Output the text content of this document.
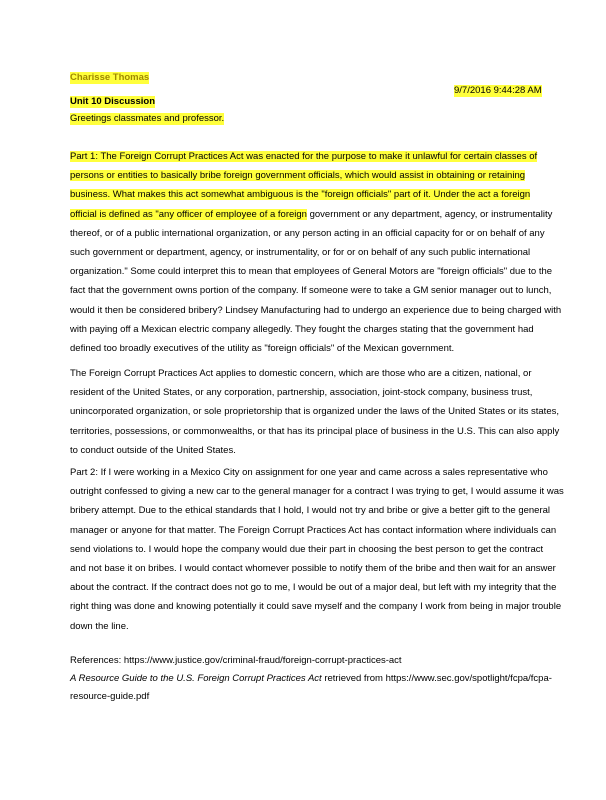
Charisse Thomas
9/7/2016 9:44:28 AM
Unit 10 Discussion
Greetings classmates and professor.
Part 1: The Foreign Corrupt Practices Act was enacted for the purpose to make it unlawful for certain classes of
persons or entities to basically bribe foreign government officials, which would assist in obtaining or retaining
business. What makes this act somewhat ambiguous is the "foreign officials" part of it. Under the act a foreign
official is defined as "any officer of employee of a foreign government or any department, agency, or instrumentality
thereof, or of a public international organization, or any person acting in an official capacity for or on behalf of any
such government or department, agency, or instrumentality, or for or on behalf of any such public international
organization." Some could interpret this to mean that employees of General Motors are "foreign officials" due to the
fact that the government owns portion of the company. If someone were to take a GM senior manager out to lunch,
would it then be considered bribery? Lindsey Manufacturing had to undergo an experience due to being charged with
with paying off a Mexican electric company allegedly. They fought the charges stating that the government had
defined too broadly executives of the utility as "foreign officials" of the Mexican government.
The Foreign Corrupt Practices Act applies to domestic concern, which are those who are a citizen, national, or
resident of the United States, or any corporation, partnership, association, joint-stock company, business trust,
unincorporated organization, or sole proprietorship that is organized under the laws of the United States or its states,
territories, possessions, or commonwealths, or that has its principal place of business in the U.S. This can also apply
to conduct outside of the United States.
Part 2: If I were working in a Mexico City on assignment for one year and came across a sales representative who
outright confessed to giving a new car to the general manager for a contract I was trying to get, I would assume it was
bribery attempt. Due to the ethical standards that I hold, I would not try and bribe or give a better gift to the general
manager or anyone for that matter. The Foreign Corrupt Practices Act has contact information where individuals can
send violations to. I would hope the company would due their part in choosing the best person to get the contract
and not base it on bribes. I would contact whomever possible to notify them of the bribe and then wait for an answer
about the contract. If the contract does not go to me, I would be out of a major deal, but left with my integrity that the
right thing was done and knowing potentially it could save myself and the company I work from being in major trouble
down the line.
References: https://www.justice.gov/criminal-fraud/foreign-corrupt-practices-act
A Resource Guide to the U.S. Foreign Corrupt Practices Act retrieved from https://www.sec.gov/spotlight/fcpa/fcpa-
resource-guide.pdf
